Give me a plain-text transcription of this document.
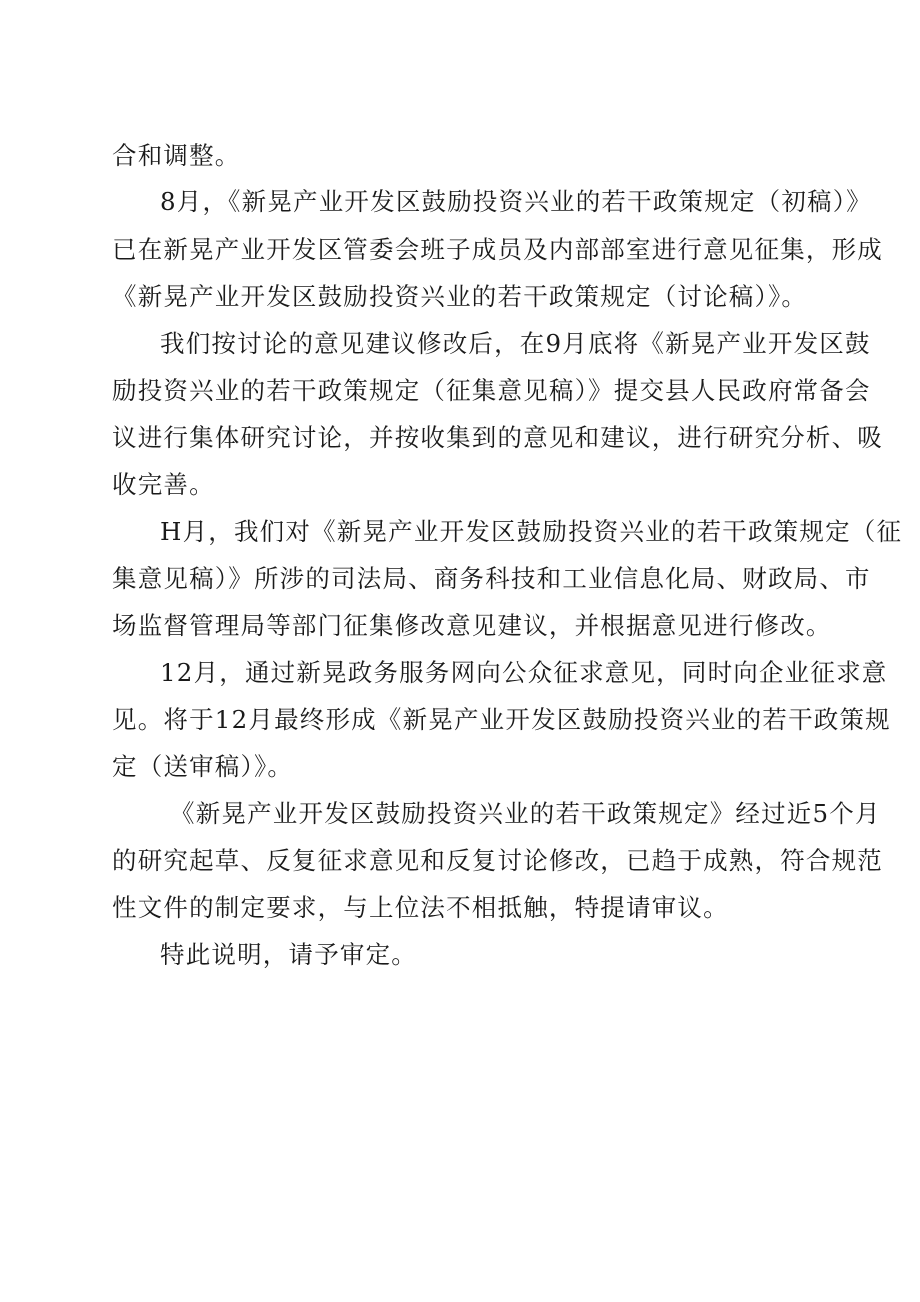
合和调整。
8月，《新晃产业开发区鼓励投资兴业的若干政策规定（初稿）》
已在新晃产业开发区管委会班子成员及内部部室进行意见征集，形成
《新晃产业开发区鼓励投资兴业的若干政策规定（讨论稿）》。
我们按讨论的意见建议修改后，在9月底将《新晃产业开发区鼓
励投资兴业的若干政策规定（征集意见稿）》提交县人民政府常备会
议进行集体研究讨论，并按收集到的意见和建议，进行研究分析、吸
收完善。
H月，我们对《新晃产业开发区鼓励投资兴业的若干政策规定（征
集意见稿）》所涉的司法局、商务科技和工业信息化局、财政局、市
场监督管理局等部门征集修改意见建议，并根据意见进行修改。
12月，通过新晃政务服务网向公众征求意见，同时向企业征求意
见。将于12月最终形成《新晃产业开发区鼓励投资兴业的若干政策规
定（送审稿）》。
《新晃产业开发区鼓励投资兴业的若干政策规定》经过近5个月
的研究起草、反复征求意见和反复讨论修改，已趋于成熟，符合规范
性文件的制定要求，与上位法不相抵触，特提请审议。
特此说明，请予审定。
